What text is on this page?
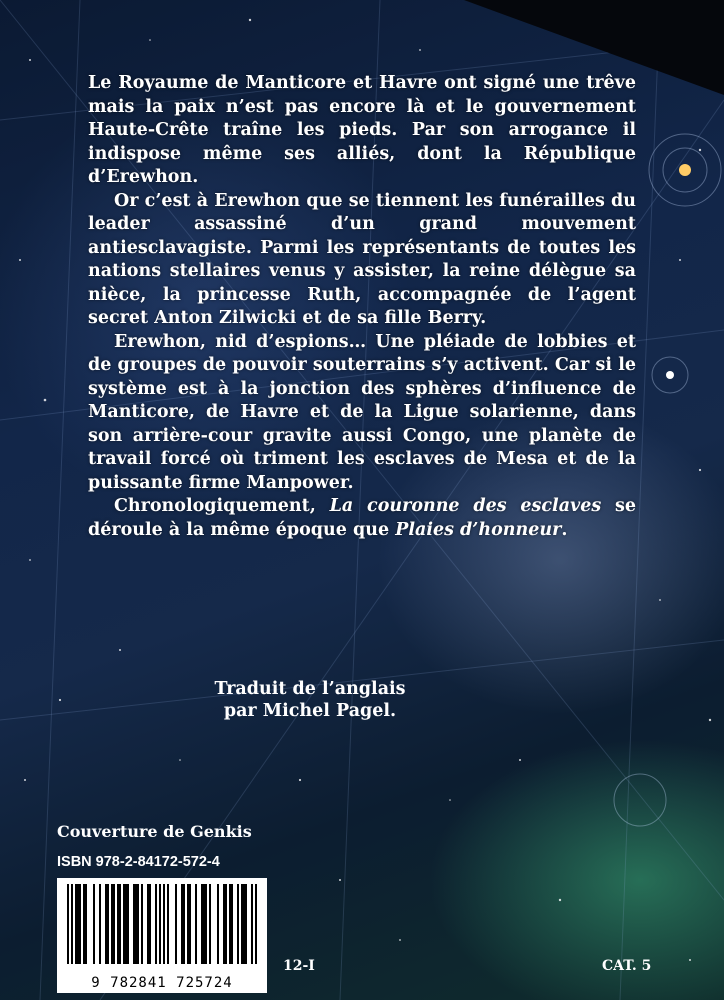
Le Royaume de Manticore et Havre ont signé une trêve mais la paix n’est pas encore là et le gouvernement Haute-Crête traîne les pieds. Par son arrogance il indispose même ses alliés, dont la République d’Erewhon.

Or c’est à Erewhon que se tiennent les funérailles du leader assassiné d’un grand mouvement antiesclavagiste. Parmi les représentants de toutes les nations stellaires venus y assister, la reine délègue sa nièce, la princesse Ruth, accompagnée de l’agent secret Anton Zilwicki et de sa fille Berry.

Erewhon, nid d’espions… Une pléiade de lobbies et de groupes de pouvoir souterrains s’y activent. Car si le système est à la jonction des sphères d’influence de Manticore, de Havre et de la Ligue solarienne, dans son arrière-cour gravite aussi Congo, une planète de travail forcé où triment les esclaves de Mesa et de la puissante firme Manpower.

Chronologiquement, La couronne des esclaves se déroule à la même époque que Plaies d’honneur.

Traduit de l’anglais
par Michel Pagel.
Couverture de Genkis
ISBN 978-2-84172-572-4
9 782841 725724
12-I	CAT. 5
